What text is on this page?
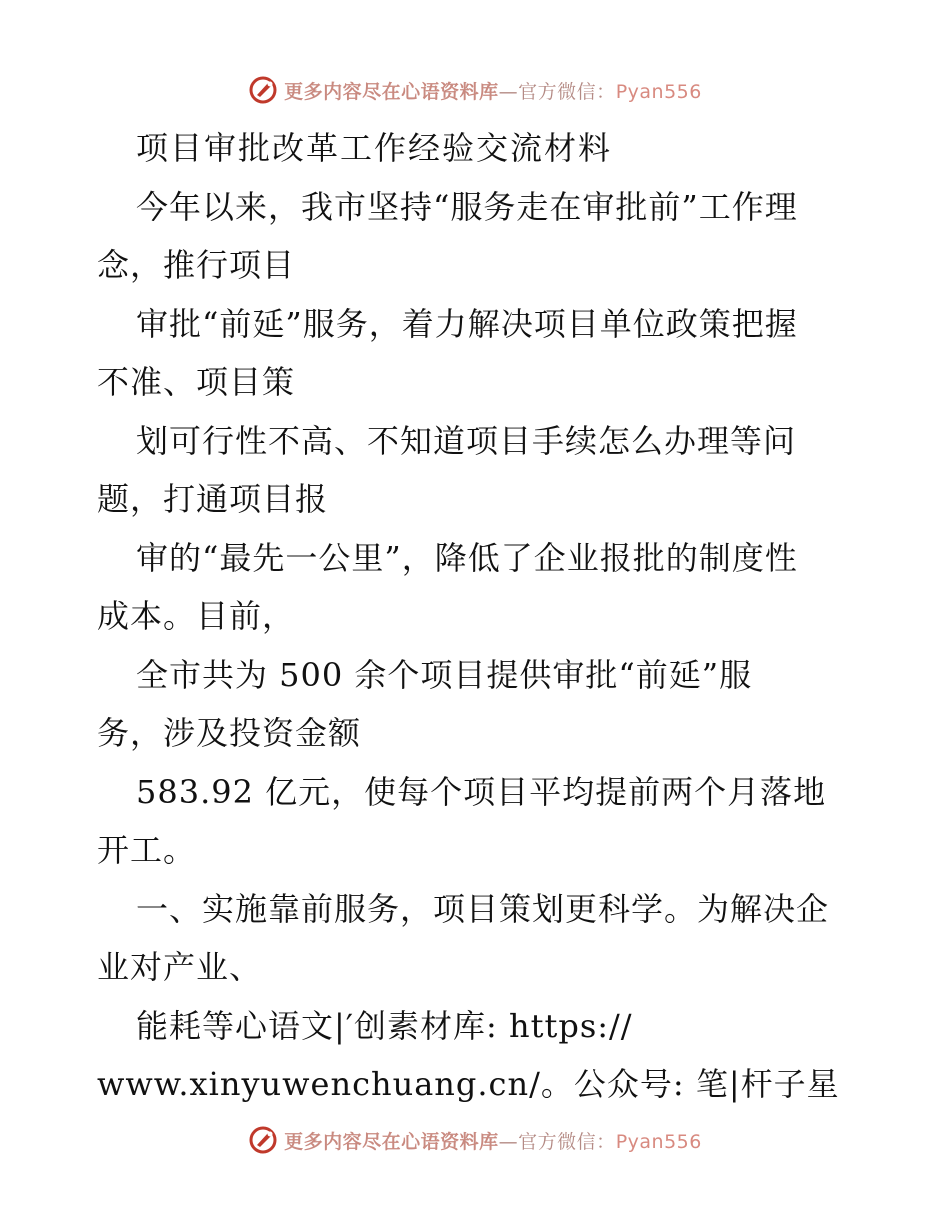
更多内容尽在心语资料库—官方微信：Pyan556
项目审批改革工作经验交流材料
今年以来，我市坚持“服务走在审批前”工作理
念，推行项目
审批“前延”服务，着力解决项目单位政策把握
不准、项目策
划可行性不高、不知道项目手续怎么办理等问
题，打通项目报
审的“最先一公里”，降低了企业报批的制度性
成本。目前，
全市共为 500 余个项目提供审批“前延”服
务，涉及投资金额
583.92 亿元，使每个项目平均提前两个月落地
开工。
一、实施靠前服务，项目策划更科学。为解决企
业对产业、
能耗等心语文|′创素材库: https://
www.xinyuwenchuang.cn/。公众号: 笔|杆子星
更多内容尽在心语资料库—官方微信：Pyan556
